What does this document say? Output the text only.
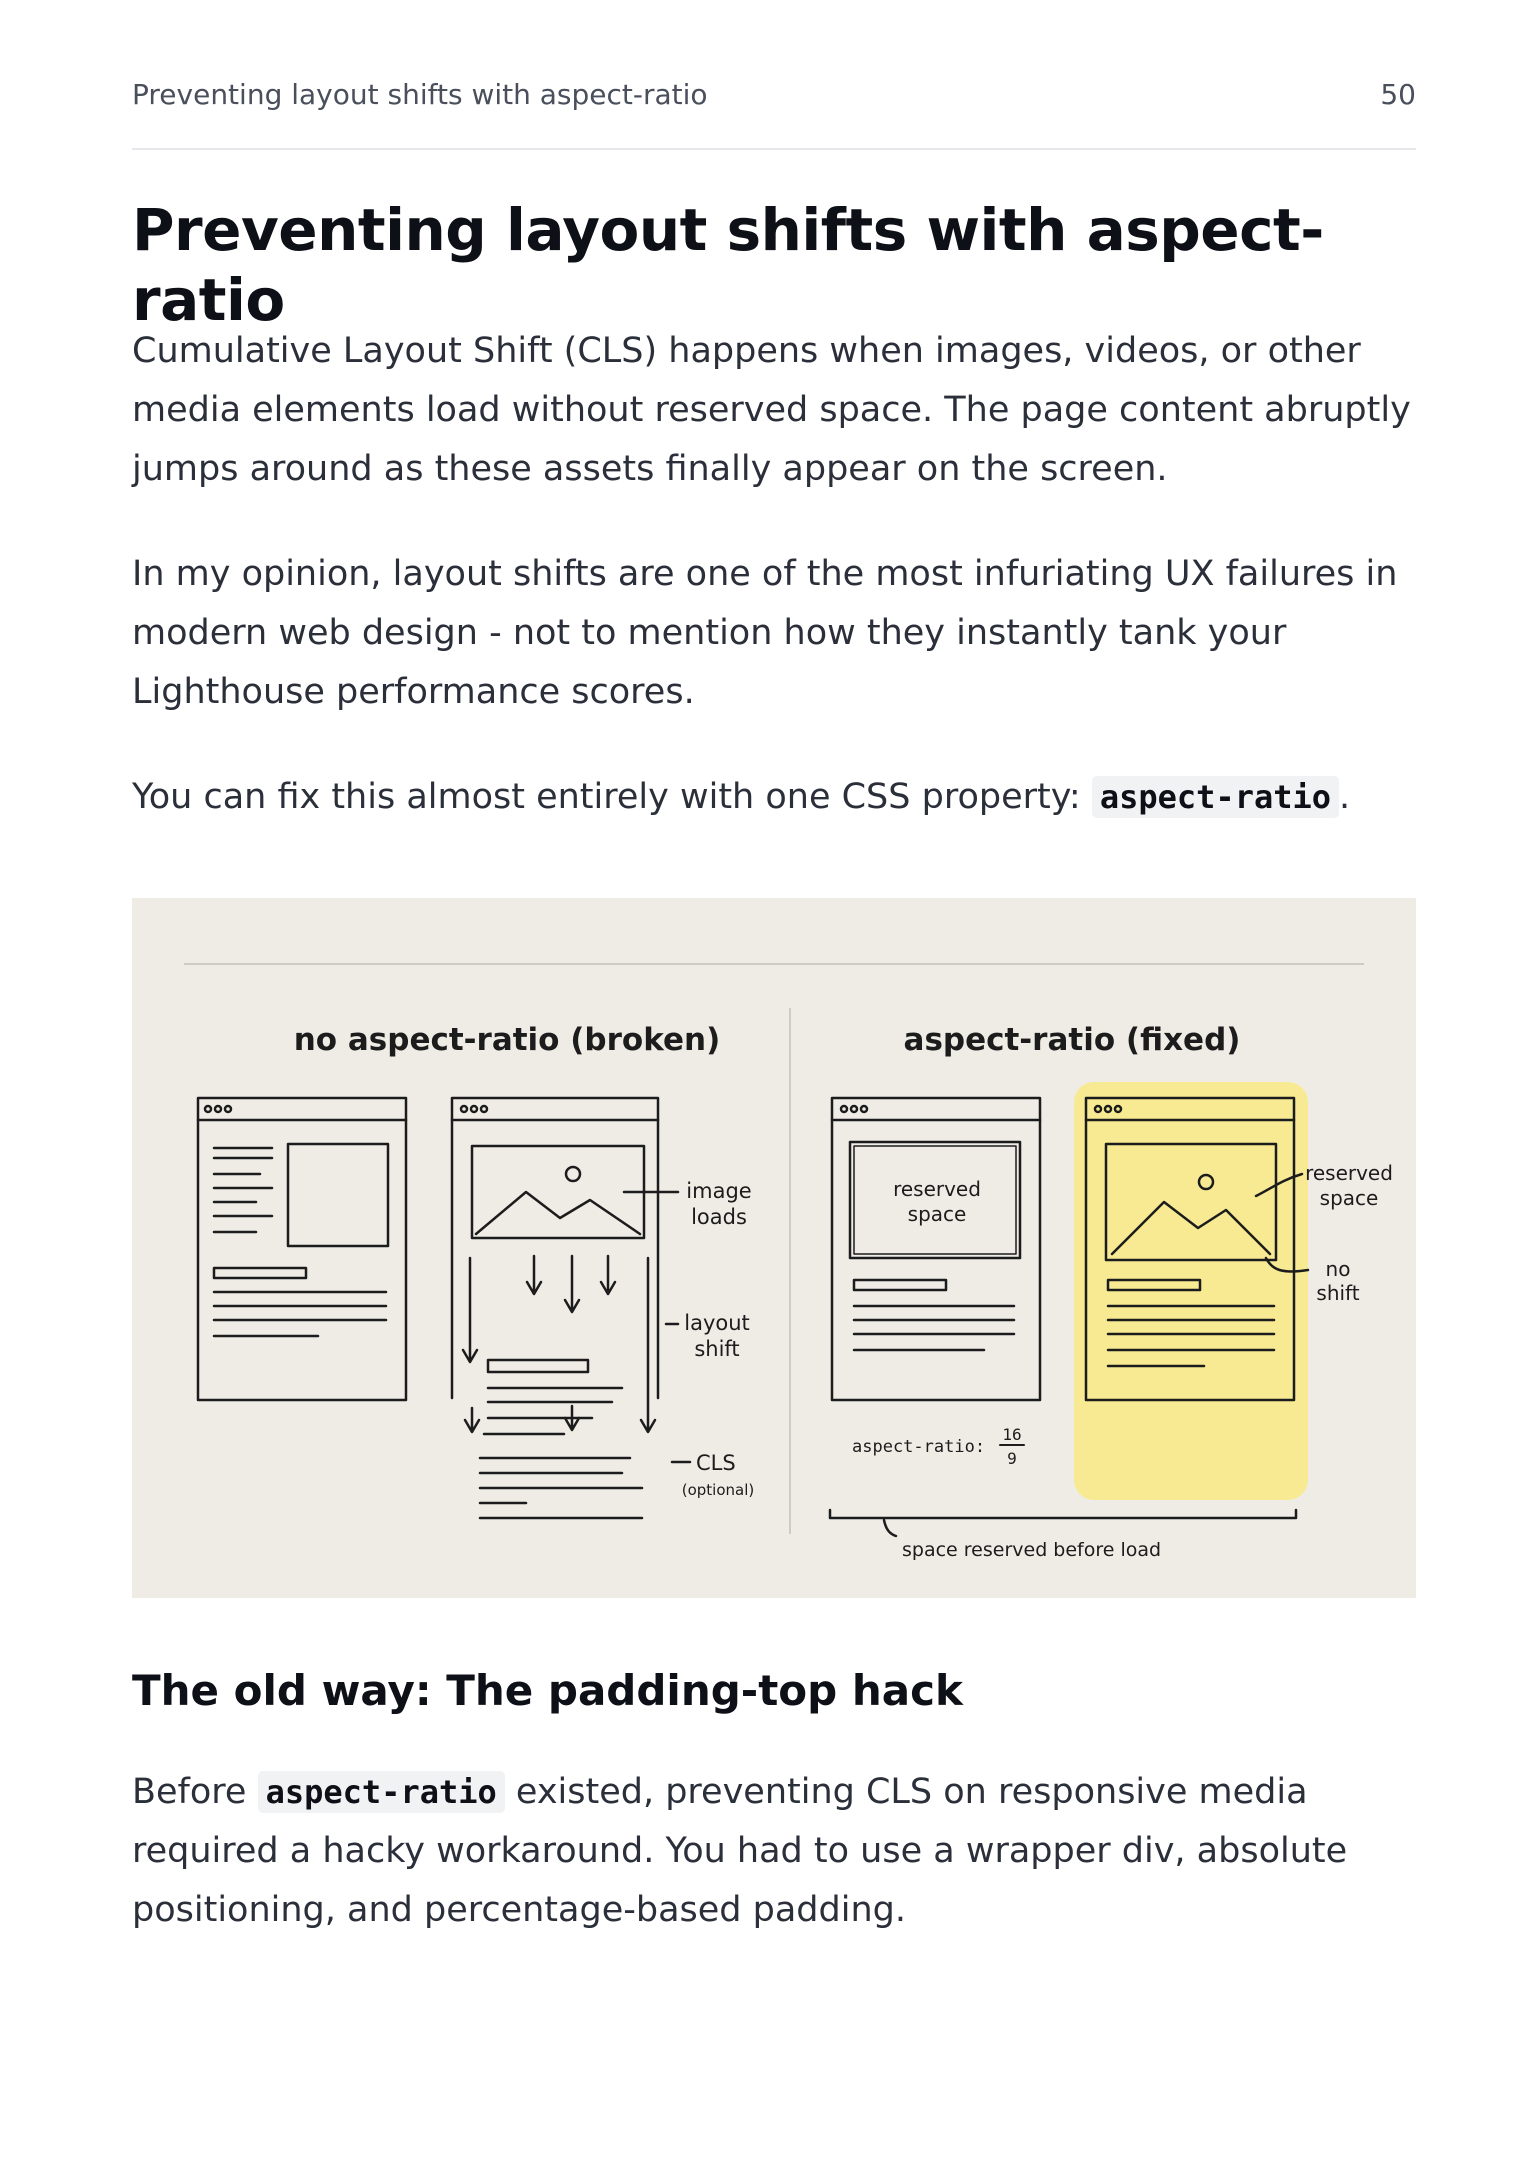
Preventing layout shifts with aspect-ratio	50
Preventing layout shifts with aspect-ratio

Cumulative Layout Shift (CLS) happens when images, videos, or other media elements load without reserved space. The page content abruptly jumps around as these assets finally appear on the screen.

In my opinion, layout shifts are one of the most infuriating UX failures in modern web design - not to mention how they instantly tank your Lighthouse performance scores.

You can fix this almost entirely with one CSS property: aspect-ratio .

no aspect-ratio (broken)	aspect-ratio (fixed)
image
loads
layout
shift
CLS
(optional)
reserved
space
reserved
space
no
shift
aspect-ratio:
16
9
space reserved before load
The old way: The padding-top hack

Before aspect-ratio existed, preventing CLS on responsive media required a hacky workaround. You had to use a wrapper div, absolute positioning, and percentage-based padding.
